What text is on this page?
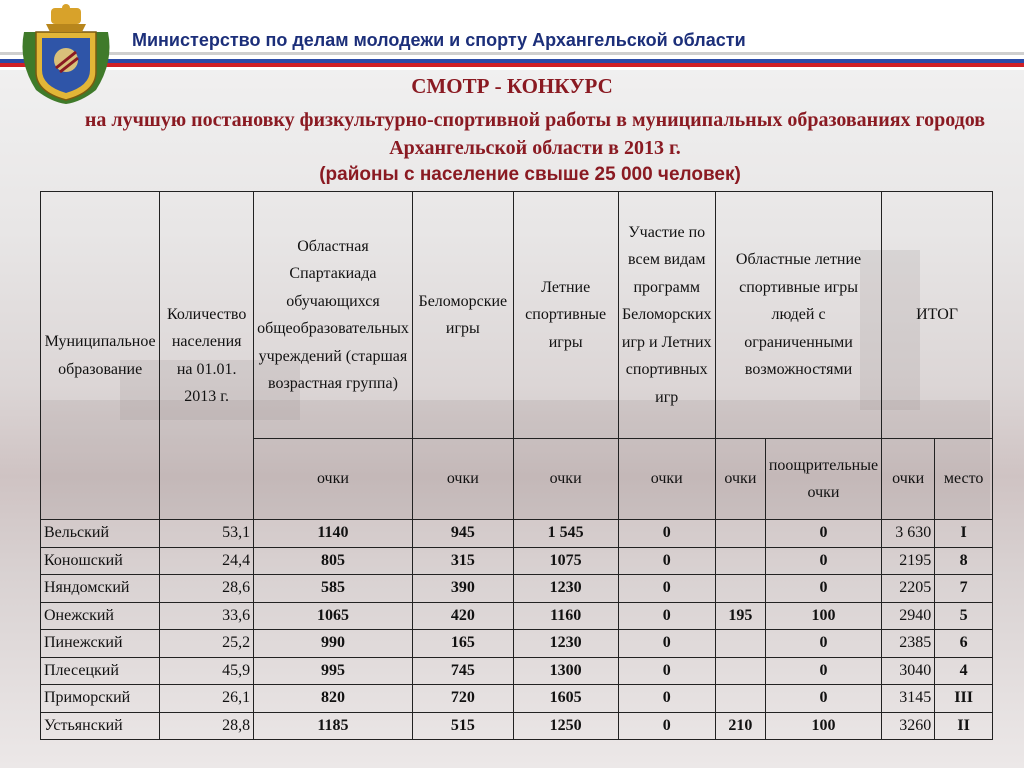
Министерство по делам молодежи и спорту Архангельской области
СМОТР - КОНКУРС
на лучшую постановку физкультурно-спортивной работы в муниципальных образованиях городов Архангельской области в 2013 г.
(районы с население свыше 25 000 человек)
Муниципальное образование	Количество населения на 01.01. 2013 г.	Областная Спартакиада обучающихся общеобразовательных учреждений (старшая возрастная группа)	Беломорские игры	Летние спортивные игры	Участие по всем видам программ Беломорских игр и Летних спортивных игр	Областные летние спортивные игры людей с ограниченными возможностями		ИТОГ	
		очки	очки	очки	очки	очки	поощрительные очки	очки	место
Вельский	53,1	1140	945	1 545	0		0	3 630	I
Коношский	24,4	805	315	1075	0		0	2195	8
Няндомский	28,6	585	390	1230	0		0	2205	7
Онежский	33,6	1065	420	1160	0	195	100	2940	5
Пинежский	25,2	990	165	1230	0		0	2385	6
Плесецкий	45,9	995	745	1300	0		0	3040	4
Приморский	26,1	820	720	1605	0		0	3145	III
Устьянский	28,8	1185	515	1250	0	210	100	3260	II
